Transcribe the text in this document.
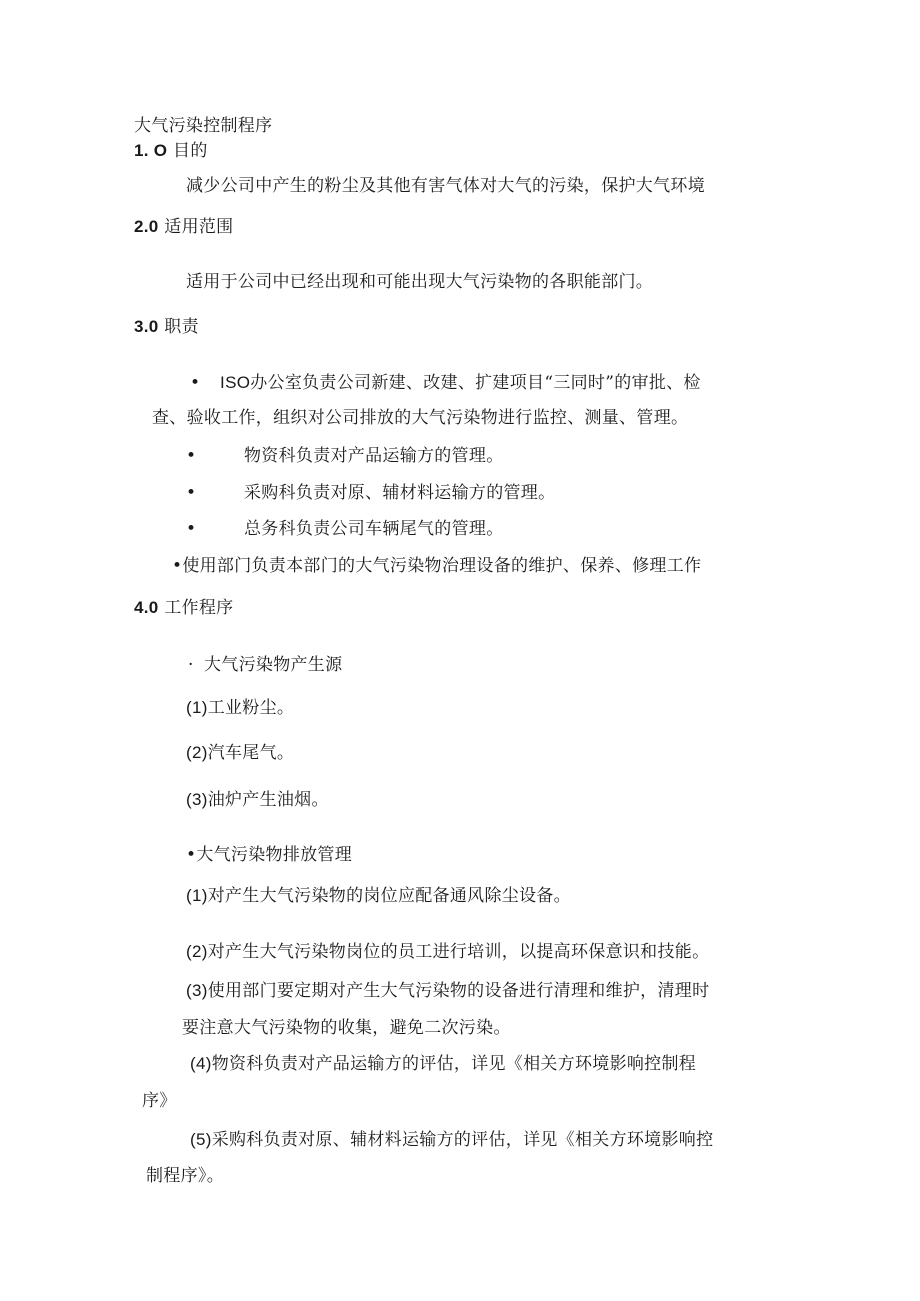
大气污染控制程序
1. O 目的
减少公司中产生的粉尘及其他有害气体对大气的污染，保护大气环境
2.0 适用范围
适用于公司中已经出现和可能出现大气污染物的各职能部门。
3.0 职责
• ISO办公室负责公司新建、改建、扩建项目“三同时”的审批、检
查、验收工作，组织对公司排放的大气污染物进行监控、测量、管理。
•	物资科负责对产品运输方的管理。
•	采购科负责对原、辅材料运输方的管理。
•	总务科负责公司车辆尾气的管理。
•使用部门负责本部门的大气污染物治理设备的维护、保养、修理工作
4.0 工作程序
· 大气污染物产生源
(1)工业粉尘。
(2)汽车尾气。
(3)油炉产生油烟。
•大气污染物排放管理
(1)对产生大气污染物的岗位应配备通风除尘设备。
(2)对产生大气污染物岗位的员工进行培训，以提高环保意识和技能。
(3)使用部门要定期对产生大气污染物的设备进行清理和维护，清理时
要注意大气污染物的收集，避免二次污染。
(4)物资科负责对产品运输方的评估，详见《相关方环境影响控制程
序》
(5)采购科负责对原、辅材料运输方的评估，详见《相关方环境影响控
制程序》。
